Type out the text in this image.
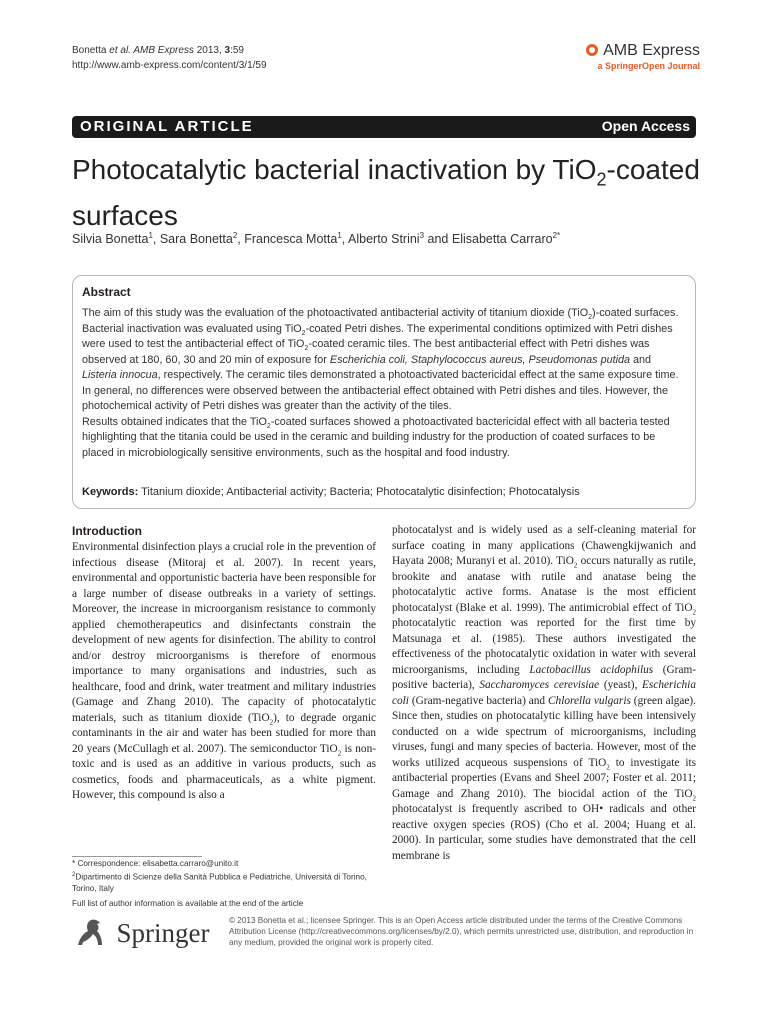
Bonetta et al. AMB Express 2013, 3:59
http://www.amb-express.com/content/3/1/59
AMB Express
a SpringerOpen Journal
ORIGINAL ARTICLE	Open Access
Photocatalytic bacterial inactivation by TiO$_2$-coated surfaces
Silvia Bonetta$^1$, Sara Bonetta$^2$, Francesca Motta$^1$, Alberto Strini$^3$ and Elisabetta Carraro$^{2*}$
Abstract

The aim of this study was the evaluation of the photoactivated antibacterial activity of titanium dioxide (TiO$_2$)-coated surfaces. Bacterial inactivation was evaluated using TiO$_2$-coated Petri dishes. The experimental conditions optimized with Petri dishes were used to test the antibacterial effect of TiO$_2$-coated ceramic tiles. The best antibacterial effect with Petri dishes was observed at 180, 60, 30 and 20 min of exposure for Escherichia coli, Staphylococcus aureus, Pseudomonas putida and Listeria innocua, respectively. The ceramic tiles demonstrated a photoactivated bactericidal effect at the same exposure time. In general, no differences were observed between the antibacterial effect obtained with Petri dishes and tiles. However, the photochemical activity of Petri dishes was greater than the activity of the tiles.

Results obtained indicates that the TiO$_2$-coated surfaces showed a photoactivated bactericidal effect with all bacteria tested highlighting that the titania could be used in the ceramic and building industry for the production of coated surfaces to be placed in microbiologically sensitive environments, such as the hospital and food industry.

Keywords: Titanium dioxide; Antibacterial activity; Bacteria; Photocatalytic disinfection; Photocatalysis
Introduction

Environmental disinfection plays a crucial role in the prevention of infectious disease (Mitoraj et al. 2007). In recent years, environmental and opportunistic bacteria have been responsible for a large number of disease outbreaks in a variety of settings. Moreover, the increase in microorganism resistance to commonly applied chemotherapeutics and disinfectants constrain the development of new agents for disinfection. The ability to control and/or destroy microorganisms is therefore of enormous importance to many organisations and industries, such as healthcare, food and drink, water treatment and military industries (Gamage and Zhang 2010). The capacity of photocatalytic materials, such as titanium dioxide (TiO$_2$), to degrade organic contaminants in the air and water has been studied for more than 20 years (McCullagh et al. 2007). The semiconductor TiO$_2$ is non-toxic and is used as an additive in various products, such as cosmetics, foods and pharmaceuticals, as a white pigment. However, this compound is also a

photocatalyst and is widely used as a self-cleaning material for surface coating in many applications (Chawengkijwanich and Hayata 2008; Muranyi et al. 2010). TiO$_2$ occurs naturally as rutile, brookite and anatase with rutile and anatase being the photocatalytic active forms. Anatase is the most efficient photocatalyst (Blake et al. 1999). The antimicrobial effect of TiO$_2$ photocatalytic reaction was reported for the first time by Matsunaga et al. (1985). These authors investigated the effectiveness of the photocatalytic oxidation in water with several microorganisms, including Lactobacillus acidophilus (Gram-positive bacteria), Saccharomyces cerevisiae (yeast), Escherichia coli (Gram-negative bacteria) and Chlorella vulgaris (green algae). Since then, studies on photocatalytic killing have been intensively conducted on a wide spectrum of microorganisms, including viruses, fungi and many species of bacteria. However, most of the works utilized acqueous suspensions of TiO$_2$ to investigate its antibacterial properties (Evans and Sheel 2007; Foster et al. 2011; Gamage and Zhang 2010). The biocidal action of the TiO$_2$ photocatalyst is frequently ascribed to OH• radicals and other reactive oxygen species (ROS) (Cho et al. 2004; Huang et al. 2000). In particular, some studies have demonstrated that the cell membrane is

* Correspondence: elisabetta.carraro@unito.it

$^2$Dipartimento di Scienze della Sanità Pubblica e Pediatriche, Università di Torino, Torino, Italy

Full list of author information is available at the end of the article

Springer © 2013 Bonetta et al.; licensee Springer. This is an Open Access article distributed under the terms of the Creative Commons Attribution License (http://creativecommons.org/licenses/by/2.0), which permits unrestricted use, distribution, and reproduction in any medium, provided the original work is properly cited.
